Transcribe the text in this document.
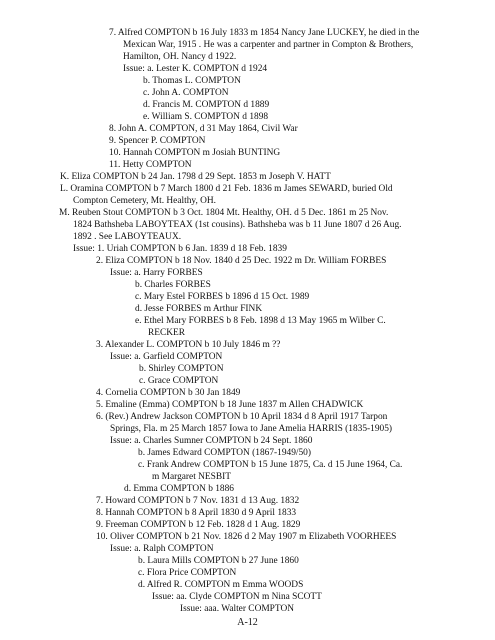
7. Alfred COMPTON b 16 July 1833 m 1854 Nancy Jane LUCKEY, he died in the
Mexican War, 1915 . He was a carpenter and partner in Compton & Brothers,
Hamilton, OH. Nancy d 1922.
Issue: a. Lester K. COMPTON d 1924
b. Thomas L. COMPTON
c. John A. COMPTON
d. Francis M. COMPTON d 1889
e. William S. COMPTON d 1898
8. John A. COMPTON, d 31 May 1864, Civil War
9. Spencer P. COMPTON
10. Hannah COMPTON m Josiah BUNTING
11. Hetty COMPTON
K. Eliza COMPTON b 24 Jan. 1798 d 29 Sept. 1853 m Joseph V. HATT
L. Oramina COMPTON b 7 March 1800 d 21 Feb. 1836 m James SEWARD, buried Old
Compton Cemetery, Mt. Healthy, OH.
M. Reuben Stout COMPTON b 3 Oct. 1804 Mt. Healthy, OH. d 5 Dec. 1861 m 25 Nov.
1824 Bathsheba LABOYTEAX (1st cousins). Bathsheba was b 11 June 1807 d 26 Aug.
1892 . See LABOYTEAUX.
Issue: 1. Uriah COMPTON b 6 Jan. 1839 d 18 Feb. 1839
2. Eliza COMPTON b 18 Nov. 1840 d 25 Dec. 1922 m Dr. William FORBES
Issue: a. Harry FORBES
b. Charles FORBES
c. Mary Estel FORBES b 1896 d 15 Oct. 1989
d. Jesse FORBES m Arthur FINK
e. Ethel Mary FORBES b 8 Feb. 1898 d 13 May 1965 m Wilber C.
RECKER
3. Alexander L. COMPTON b 10 July 1846 m ??
Issue: a. Garfield COMPTON
b. Shirley COMPTON
c. Grace COMPTON
4. Cornelia COMPTON b 30 Jan 1849
5. Emaline (Emma) COMPTON b 18 June 1837 m Allen CHADWICK
6. (Rev.) Andrew Jackson COMPTON b 10 April 1834 d 8 April 1917 Tarpon
Springs, Fla. m 25 March 1857 Iowa to Jane Amelia HARRIS (1835-1905)
Issue: a. Charles Sumner COMPTON b 24 Sept. 1860
b. James Edward COMPTON (1867-1949/50)
c. Frank Andrew COMPTON b 15 June 1875, Ca. d 15 June 1964, Ca.
m Margaret NESBIT
d. Emma COMPTON b 1886
7. Howard COMPTON b 7 Nov. 1831 d 13 Aug. 1832
8. Hannah COMPTON b 8 April 1830 d 9 April 1833
9. Freeman COMPTON b 12 Feb. 1828 d 1 Aug. 1829
10. Oliver COMPTON b 21 Nov. 1826 d 2 May 1907 m Elizabeth VOORHEES
Issue: a. Ralph COMPTON
b. Laura Mills COMPTON b 27 June 1860
c. Flora Price COMPTON
d. Alfred R. COMPTON m Emma WOODS
Issue: aa. Clyde COMPTON m Nina SCOTT
Issue: aaa. Walter COMPTON
A-12
